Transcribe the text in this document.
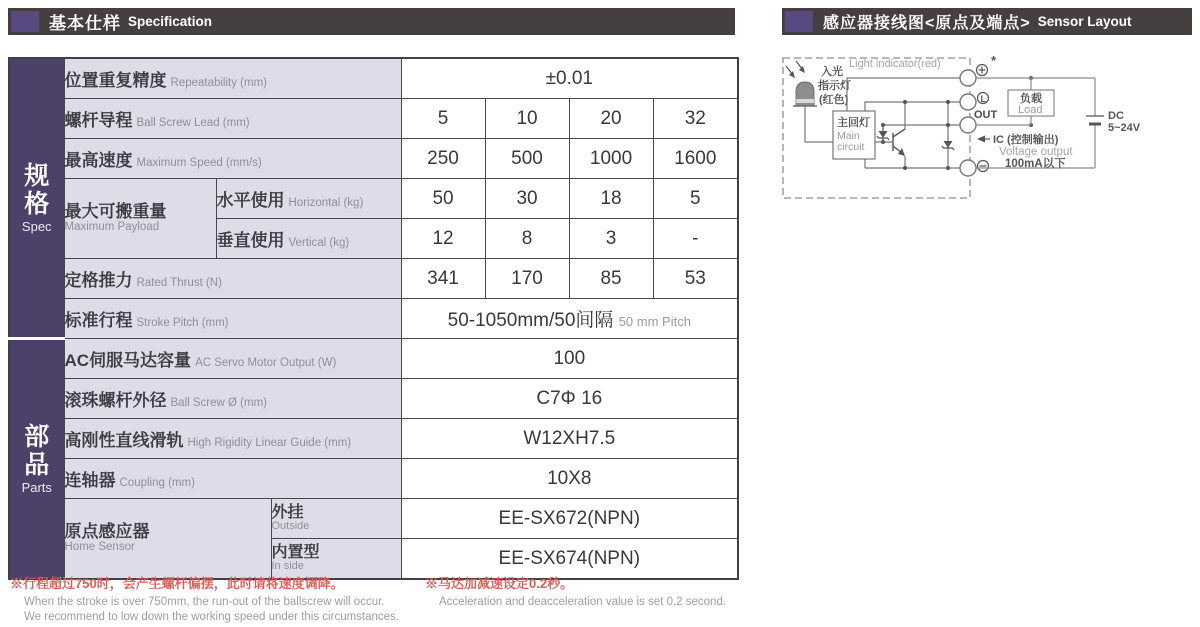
基本仕样 Specification	感应器接线图<原点及端点> Sensor Layout
规格
Spec	位置重复精度 Repeatability (mm)			±0.01			
	螺杆导程 Ball Screw Lead (mm)			5	10	20	32
	最高速度 Maximum Speed (mm/s)			250	500	1000	1600

	最大可搬重量
Maximum Payload	水平使用 Horizontal (kg)		50	30	18	5
		垂直使用 Vertical (kg)		12	8	3	-
	定格推力 Rated Thrust (N)			341	170	85	53
	标准行程 Stroke Pitch (mm)			50-1050mm/50间隔 50 mm Pitch			
部品
Parts	AC伺服马达容量 AC Servo Motor Output (W)			100			
	滚珠螺杆外径 Ball Screw Ø (mm)			C7Φ 16			
	高刚性直线滑轨 High Rigidity Linear Guide (mm)			W12XH7.5			
	连轴器 Coupling (mm)			10X8			

	原点感应器
Home Sensor		外挂
Outside	EE-SX672(NPN)			

			内置型
In side	EE-SX674(NPN)			
※行程超过750时，会产生螺杆偏摆，此时请将速度调降。
When the stroke is over 750mm, the run-out of the ballscrew will occur.
We recommend to low down the working speed under this circumstances.
※马达加减速设定0.2秒。
Acceleration and deacceleration value is set 0.2 second.
入光
指示灯
(红色)
Light indicator(red)
主回灯
Main
circuit
*
L
OUT
负载
Load	DC
5~24V
IC (控制输出)
Voltage output
100mA以下
